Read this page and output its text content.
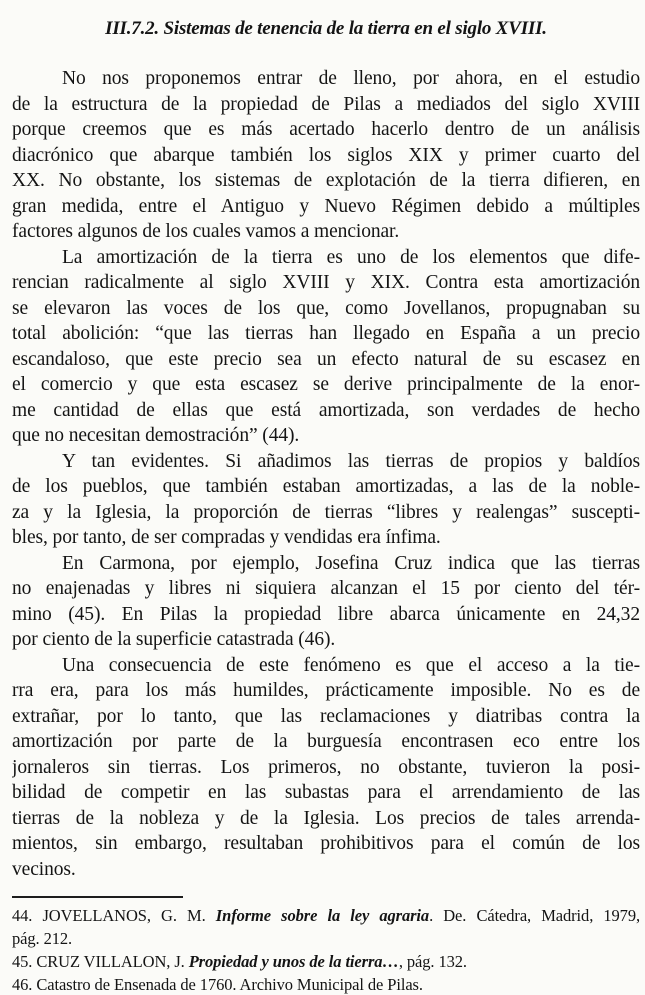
III.7.2. Sistemas de tenencia de la tierra en el siglo XVIII.
No nos proponemos entrar de lleno, por ahora, en el estudio
de la estructura de la propiedad de Pilas a mediados del siglo XVIII
porque creemos que es más acertado hacerlo dentro de un análisis
diacrónico que abarque también los siglos XIX y primer cuarto del
XX. No obstante, los sistemas de explotación de la tierra difieren, en
gran medida, entre el Antiguo y Nuevo Régimen debido a múltiples
factores algunos de los cuales vamos a mencionar.
La amortización de la tierra es uno de los elementos que dife-
rencian radicalmente al siglo XVIII y XIX. Contra esta amortización
se elevaron las voces de los que, como Jovellanos, propugnaban su
total abolición: “que las tierras han llegado en España a un precio
escandaloso, que este precio sea un efecto natural de su escasez en
el comercio y que esta escasez se derive principalmente de la enor-
me cantidad de ellas que está amortizada, son verdades de hecho
que no necesitan demostración” (44).
Y tan evidentes. Si añadimos las tierras de propios y baldíos
de los pueblos, que también estaban amortizadas, a las de la noble-
za y la Iglesia, la proporción de tierras “libres y realengas” suscepti-
bles, por tanto, de ser compradas y vendidas era ínfima.
En Carmona, por ejemplo, Josefina Cruz indica que las tierras
no enajenadas y libres ni siquiera alcanzan el 15 por ciento del tér-
mino (45). En Pilas la propiedad libre abarca únicamente en 24,32
por ciento de la superficie catastrada (46).
Una consecuencia de este fenómeno es que el acceso a la tie-
rra era, para los más humildes, prácticamente imposible. No es de
extrañar, por lo tanto, que las reclamaciones y diatribas contra la
amortización por parte de la burguesía encontrasen eco entre los
jornaleros sin tierras. Los primeros, no obstante, tuvieron la posi-
bilidad de competir en las subastas para el arrendamiento de las
tierras de la nobleza y de la Iglesia. Los precios de tales arrenda-
mientos, sin embargo, resultaban prohibitivos para el común de los
vecinos.
44. JOVELLANOS, G. M. Informe sobre la ley agraria. De. Cátedra, Madrid, 1979,
pág. 212.
45. CRUZ VILLALON, J. Propiedad y unos de la tierra…, pág. 132.
46. Catastro de Ensenada de 1760. Archivo Municipal de Pilas.
